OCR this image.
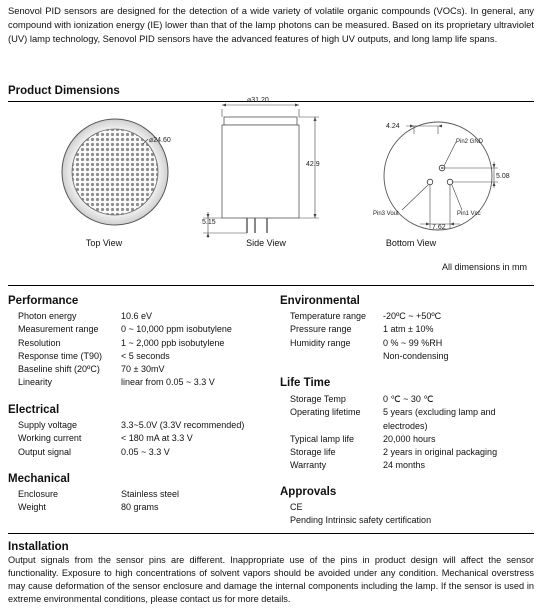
Senovol PID sensors are designed for the detection of a wide variety of volatile organic compounds (VOCs). In general, any compound with ionization energy (IE) lower than that of the lamp photons can be measured. Based on its proprietary ultraviolet (UV) lamp technology, Senovol PID sensors have the advanced features of high UV outputs, and long lamp life spans.

Product Dimensions
⌀24.60
Top View
⌀31.20
42.9
5.15
Side View
4.24
Pin2 GND
Pin3 Vout	Pin1 Vcc
5.08
7.62
Bottom View
All dimensions in mm
Performance
Photon energy	10.6 eV
Measurement range	0 ~ 10,000 ppm isobutylene
Resolution	1 ~ 2,000 ppb isobutylene
Response time (T90)	< 5 seconds
Baseline shift (20ºC)	70 ± 30mV
Linearity	linear from 0.05 ~ 3.3 V
Electrical
Supply voltage	3.3~5.0V (3.3V recommended)
Working current	< 180 mA at 3.3 V
Output signal	0.05 ~ 3.3 V
Mechanical
Enclosure	Stainless steel
Weight	80 grams
Environmental
Temperature range	-20ºC ~ +50ºC
Pressure range	1 atm ± 10%
Humidity range	0 % ~ 99 %RH
	Non-condensing
Life Time
Storage Temp	0 ℃ ~ 30 ℃
Operating lifetime	5 years (excluding lamp and electrodes)
Typical lamp life	20,000 hours
Storage life	2 years in original packaging
Warranty	24 months
Approvals
CE
Pending Intrinsic safety certification
Installation

Output signals from the sensor pins are different. Inappropriate use of the pins in product design will affect the sensor functionality. Exposure to high concentrations of solvent vapors should be avoided under any condition. Mechanical overstress may cause deformation of the sensor enclosure and damage the internal components including the lamp. If the sensor is used in extreme environmental conditions, please contact us for more details.
